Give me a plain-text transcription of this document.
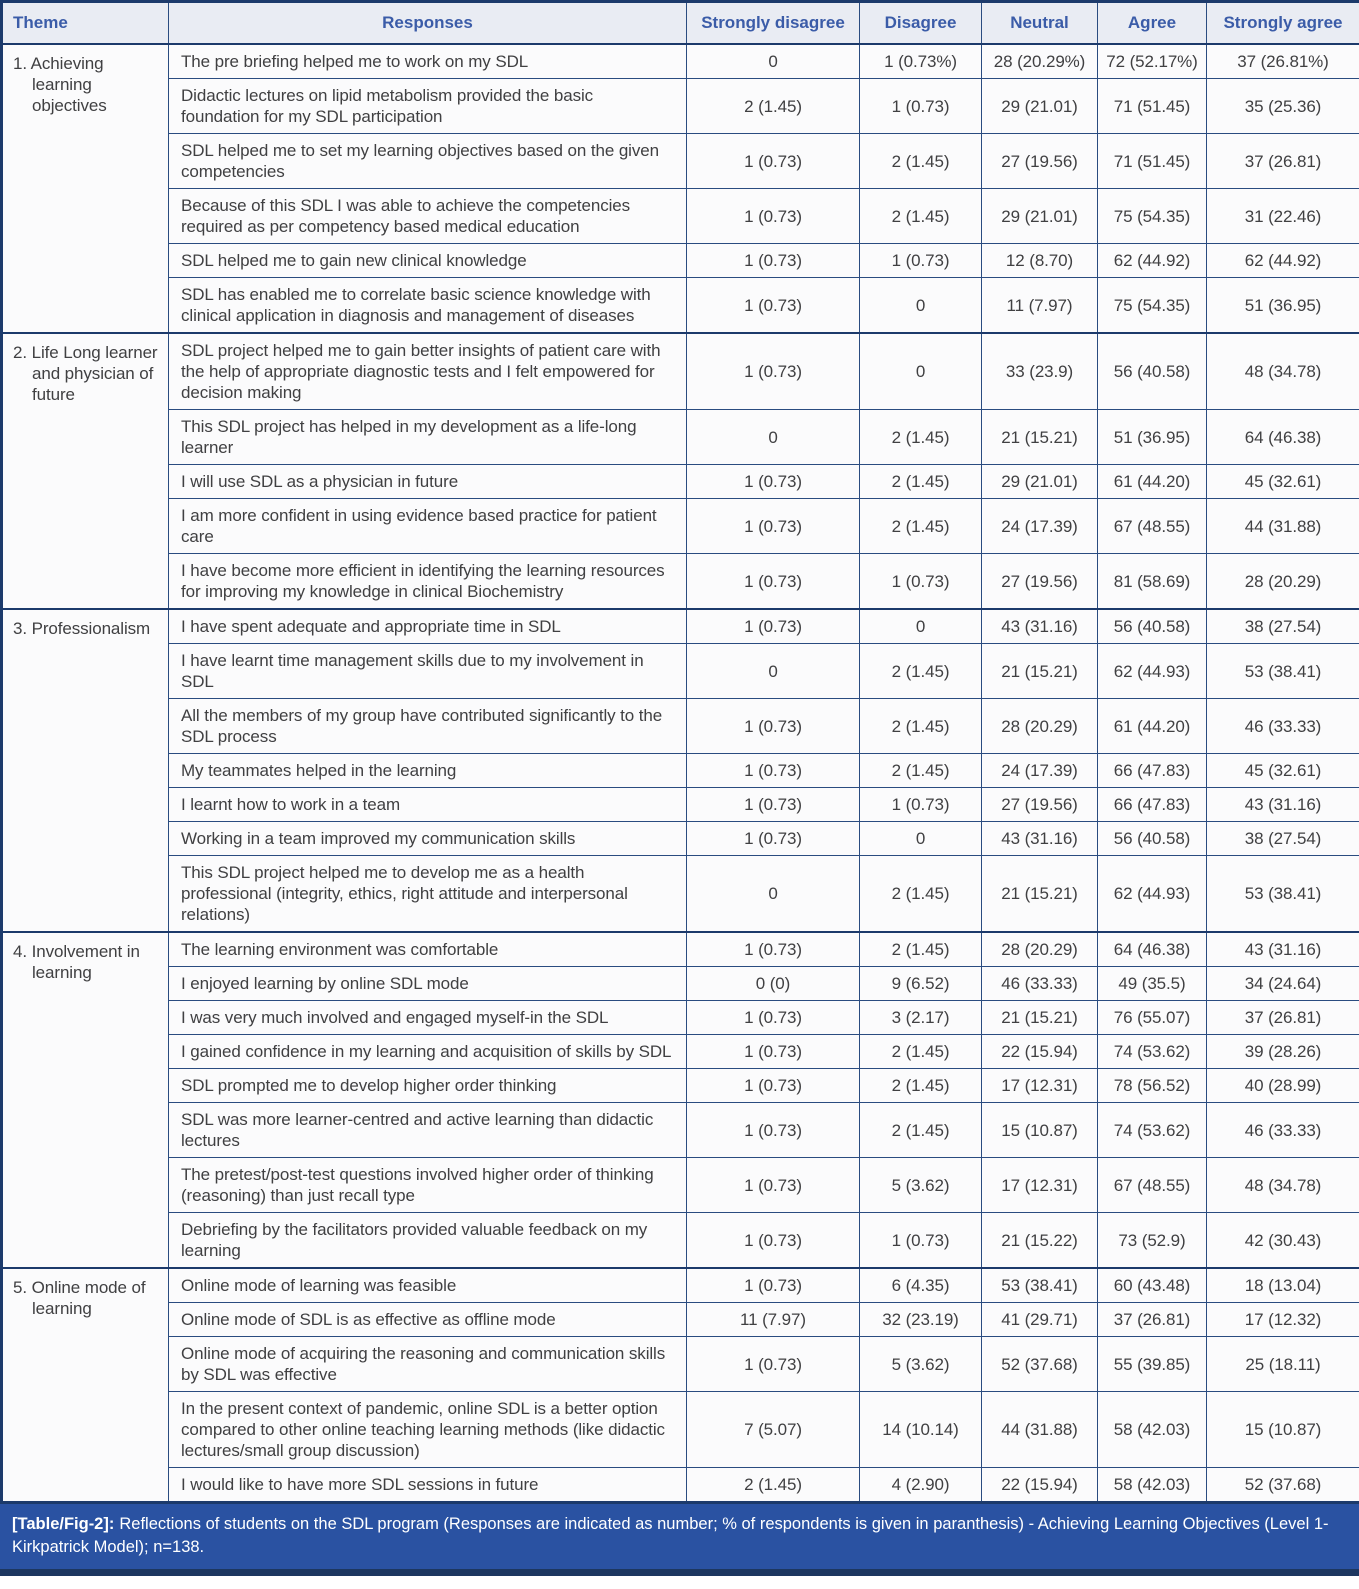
Theme	Responses	Strongly disagree	Disagree	Neutral	Agree	Strongly agree

1. Achieving learning objectives	The pre briefing helped me to work on my SDL	0	1 (0.73%)	28 (20.29%)	72 (52.17%)	37 (26.81%)
	Didactic lectures on lipid metabolism provided the basic foundation for my SDL participation	2 (1.45)	1 (0.73)	29 (21.01)	71 (51.45)	35 (25.36)
	SDL helped me to set my learning objectives based on the given competencies	1 (0.73)	2 (1.45)	27 (19.56)	71 (51.45)	37 (26.81)
	Because of this SDL I was able to achieve the competencies required as per competency based medical education	1 (0.73)	2 (1.45)	29 (21.01)	75 (54.35)	31 (22.46)
	SDL helped me to gain new clinical knowledge	1 (0.73)	1 (0.73)	12 (8.70)	62 (44.92)	62 (44.92)
	SDL has enabled me to correlate basic science knowledge with clinical application in diagnosis and management of diseases	1 (0.73)	0	11 (7.97)	75 (54.35)	51 (36.95)

2. Life Long learner and physician of future	SDL project helped me to gain better insights of patient care with the help of appropriate diagnostic tests and I felt empowered for decision making	1 (0.73)	0	33 (23.9)	56 (40.58)	48 (34.78)
	This SDL project has helped in my development as a life-long learner	0	2 (1.45)	21 (15.21)	51 (36.95)	64 (46.38)
	I will use SDL as a physician in future	1 (0.73)	2 (1.45)	29 (21.01)	61 (44.20)	45 (32.61)
	I am more confident in using evidence based practice for patient care	1 (0.73)	2 (1.45)	24 (17.39)	67 (48.55)	44 (31.88)
	I have become more efficient in identifying the learning resources for improving my knowledge in clinical Biochemistry	1 (0.73)	1 (0.73)	27 (19.56)	81 (58.69)	28 (20.29)

3. Professionalism	I have spent adequate and appropriate time in SDL	1 (0.73)	0	43 (31.16)	56 (40.58)	38 (27.54)
	I have learnt time management skills due to my involvement in SDL	0	2 (1.45)	21 (15.21)	62 (44.93)	53 (38.41)
	All the members of my group have contributed significantly to the SDL process	1 (0.73)	2 (1.45)	28 (20.29)	61 (44.20)	46 (33.33)
	My teammates helped in the learning	1 (0.73)	2 (1.45)	24 (17.39)	66 (47.83)	45 (32.61)
	I learnt how to work in a team	1 (0.73)	1 (0.73)	27 (19.56)	66 (47.83)	43 (31.16)
	Working in a team improved my communication skills	1 (0.73)	0	43 (31.16)	56 (40.58)	38 (27.54)
	This SDL project helped me to develop me as a health professional (integrity, ethics, right attitude and interpersonal relations)	0	2 (1.45)	21 (15.21)	62 (44.93)	53 (38.41)

4. Involvement in learning	The learning environment was comfortable	1 (0.73)	2 (1.45)	28 (20.29)	64 (46.38)	43 (31.16)
	I enjoyed learning by online SDL mode	0 (0)	9 (6.52)	46 (33.33)	49 (35.5)	34 (24.64)
	I was very much involved and engaged myself-in the SDL	1 (0.73)	3 (2.17)	21 (15.21)	76 (55.07)	37 (26.81)
	I gained confidence in my learning and acquisition of skills by SDL	1 (0.73)	2 (1.45)	22 (15.94)	74 (53.62)	39 (28.26)
	SDL prompted me to develop higher order thinking	1 (0.73)	2 (1.45)	17 (12.31)	78 (56.52)	40 (28.99)
	SDL was more learner-centred and active learning than didactic lectures	1 (0.73)	2 (1.45)	15 (10.87)	74 (53.62)	46 (33.33)
	The pretest/post-test questions involved higher order of thinking (reasoning) than just recall type	1 (0.73)	5 (3.62)	17 (12.31)	67 (48.55)	48 (34.78)
	Debriefing by the facilitators provided valuable feedback on my learning	1 (0.73)	1 (0.73)	21 (15.22)	73 (52.9)	42 (30.43)

5. Online mode of learning	Online mode of learning was feasible	1 (0.73)	6 (4.35)	53 (38.41)	60 (43.48)	18 (13.04)
	Online mode of SDL is as effective as offline mode	11 (7.97)	32 (23.19)	41 (29.71)	37 (26.81)	17 (12.32)
	Online mode of acquiring the reasoning and communication skills by SDL was effective	1 (0.73)	5 (3.62)	52 (37.68)	55 (39.85)	25 (18.11)
	In the present context of pandemic, online SDL is a better option compared to other online teaching learning methods (like didactic lectures/small group discussion)	7 (5.07)	14 (10.14)	44 (31.88)	58 (42.03)	15 (10.87)
	I would like to have more SDL sessions in future	2 (1.45)	4 (2.90)	22 (15.94)	58 (42.03)	52 (37.68)
[Table/Fig-2]: Reflections of students on the SDL program (Responses are indicated as number; % of respondents is given in paranthesis) - Achieving Learning Objectives (Level 1-Kirkpatrick Model); n=138.
